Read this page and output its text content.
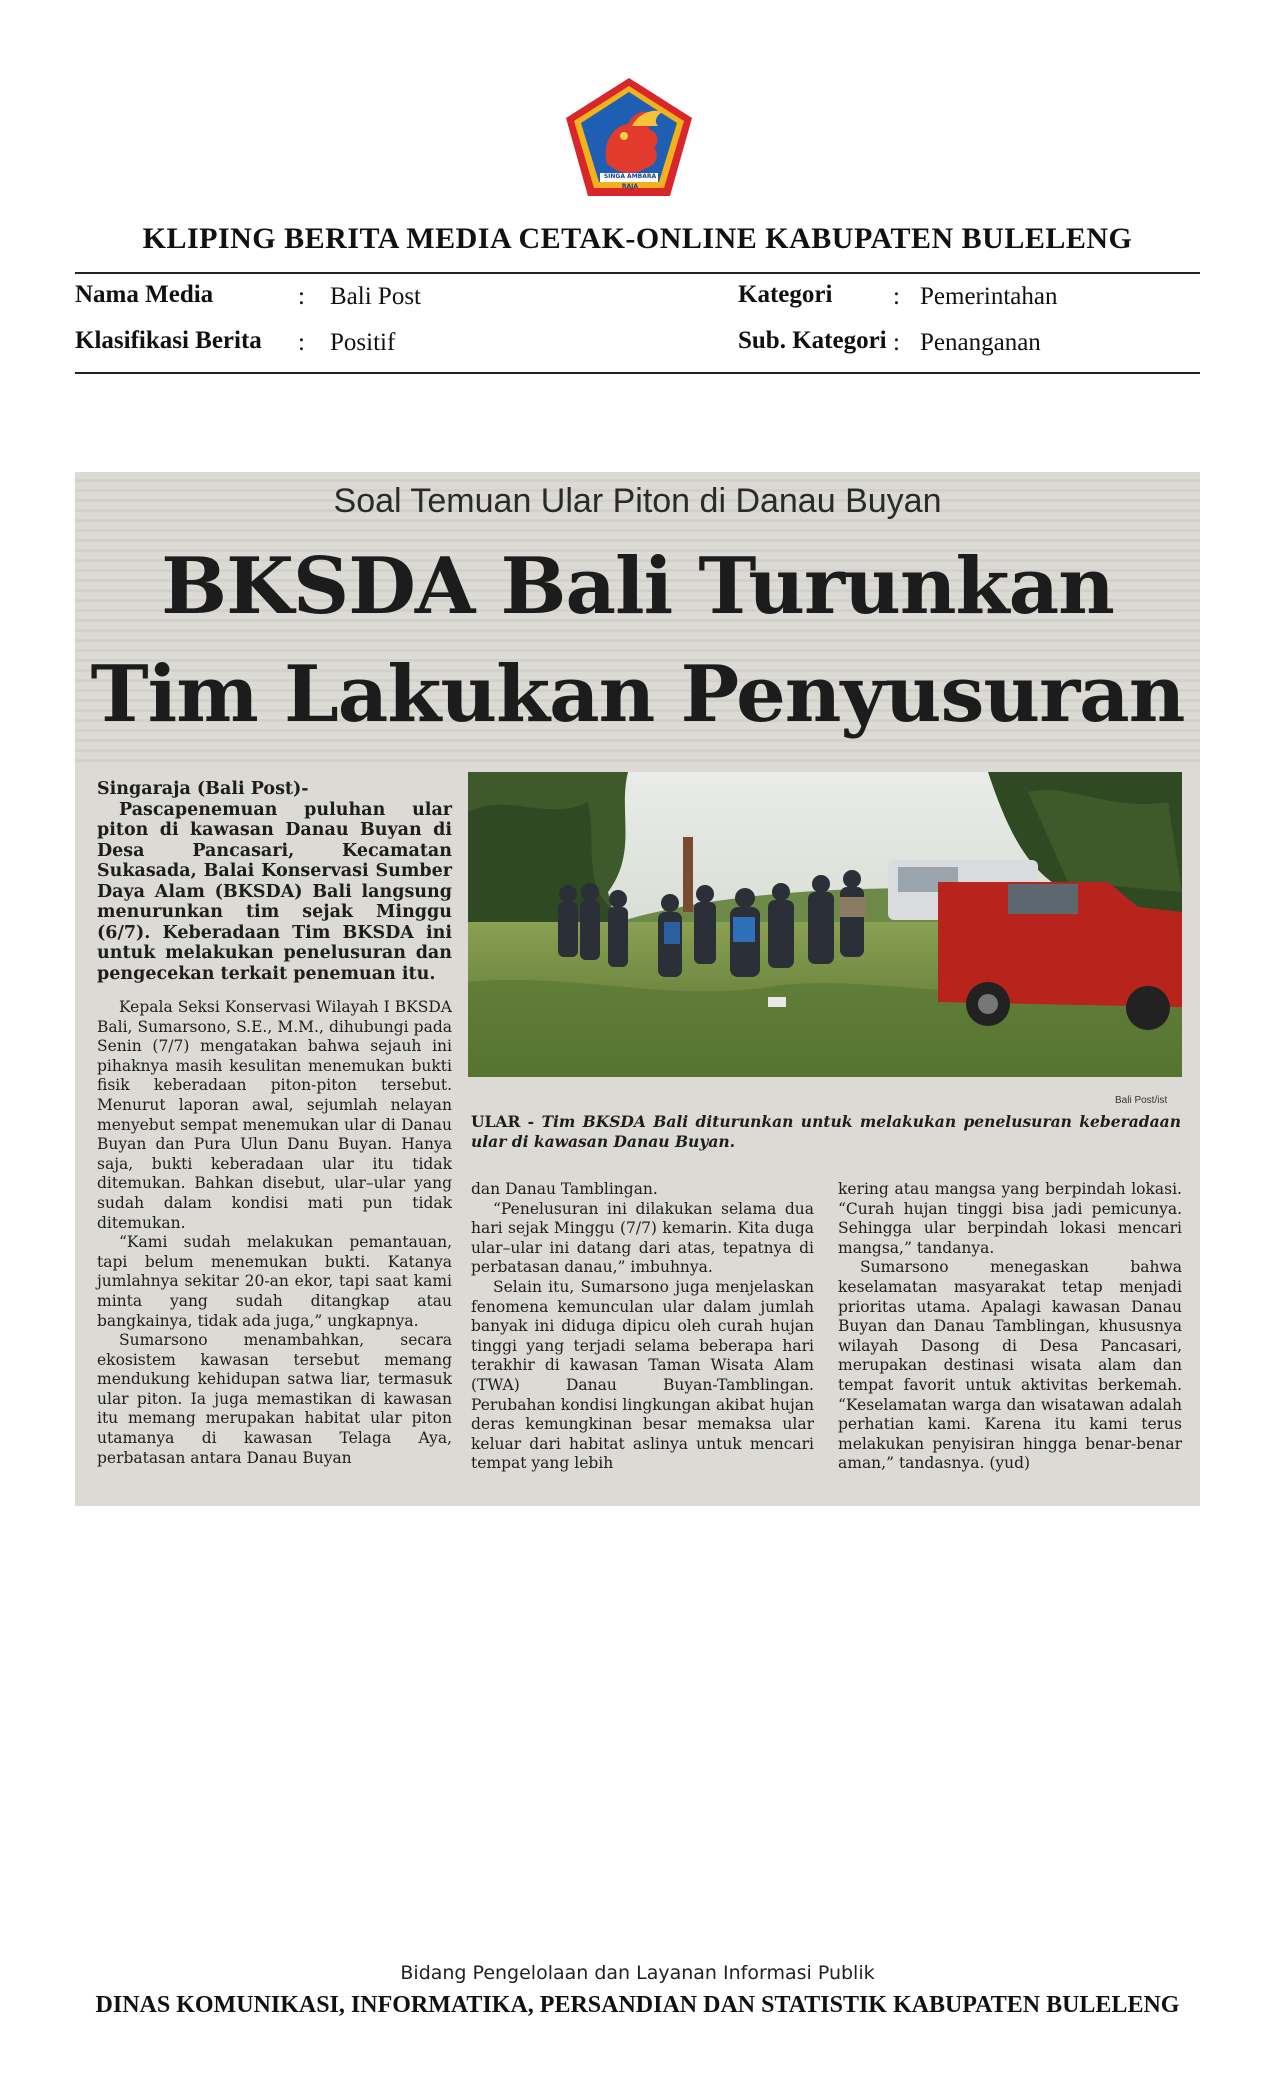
SINGA AMBARA RAJA
KLIPING BERITA MEDIA CETAK-ONLINE KABUPATEN BULELENG
Nama Media	: Bali Post
Klasifikasi Berita : Positif
Kategori : Pemerintahan
Sub. Kategori : Penanganan
Soal Temuan Ular Piton di Danau Buyan
BKSDA Bali Turunkan
Tim Lakukan Penyusuran
Singaraja (Bali Post)-

Pascapenemuan puluhan ular piton di kawasan Danau Buyan di Desa Pancasari, Kecamatan Sukasada, Balai Konservasi Sumber Daya Alam (BKSDA) Bali langsung menurunkan tim sejak Minggu (6/7). Keberadaan Tim BKSDA ini untuk melakukan penelusuran dan pengecekan terkait penemuan itu.

Kepala Seksi Konservasi Wilayah I BKSDA Bali, Sumarsono, S.E., M.M., dihubungi pada Senin (7/7) mengatakan bahwa sejauh ini pihaknya masih kesulitan menemukan bukti fisik keberadaan piton-piton tersebut. Menurut laporan awal, sejumlah nelayan menyebut sempat menemukan ular di Danau Buyan dan Pura Ulun Danu Buyan. Hanya saja, bukti keberadaan ular itu tidak ditemukan. Bahkan disebut, ular–ular yang sudah dalam kondisi mati pun tidak ditemukan.

“Kami sudah melakukan pemantauan, tapi belum menemukan bukti. Katanya jumlahnya sekitar 20-an ekor, tapi saat kami minta yang sudah ditangkap atau bangkainya, tidak ada juga,” ungkapnya.

Sumarsono menambahkan, secara ekosistem kawasan tersebut memang mendukung kehidupan satwa liar, termasuk ular piton. Ia juga memastikan di kawasan itu memang merupakan habitat ular piton utamanya di kawasan Telaga Aya, perbatasan antara Danau Buyan

Bali Post/ist
ULAR - Tim BKSDA Bali diturunkan untuk melakukan penelusuran keberadaan ular di kawasan Danau Buyan.

dan Danau Tamblingan.

“Penelusuran ini dilakukan selama dua hari sejak Minggu (7/7) kemarin. Kita duga ular–ular ini datang dari atas, tepatnya di perbatasan danau,” imbuhnya.

Selain itu, Sumarsono juga menjelaskan fenomena kemunculan ular dalam jumlah banyak ini diduga dipicu oleh curah hujan tinggi yang terjadi selama beberapa hari terakhir di kawasan Taman Wisata Alam (TWA) Danau Buyan-Tamblingan. Perubahan kondisi lingkungan akibat hujan deras kemungkinan besar memaksa ular keluar dari habitat aslinya untuk mencari tempat yang lebih

kering atau mangsa yang berpindah lokasi. “Curah hujan tinggi bisa jadi pemicunya. Sehingga ular berpindah lokasi mencari mangsa,” tandanya.

Sumarsono menegaskan bahwa keselamatan masyarakat tetap menjadi prioritas utama. Apalagi kawasan Danau Buyan dan Danau Tamblingan, khususnya wilayah Dasong di Desa Pancasari, merupakan destinasi wisata alam dan tempat favorit untuk aktivitas berkemah. “Keselamatan warga dan wisatawan adalah perhatian kami. Karena itu kami terus melakukan penyisiran hingga benar-benar aman,” tandasnya. (yud)

Bidang Pengelolaan dan Layanan Informasi Publik
DINAS KOMUNIKASI, INFORMATIKA, PERSANDIAN DAN STATISTIK KABUPATEN BULELENG
